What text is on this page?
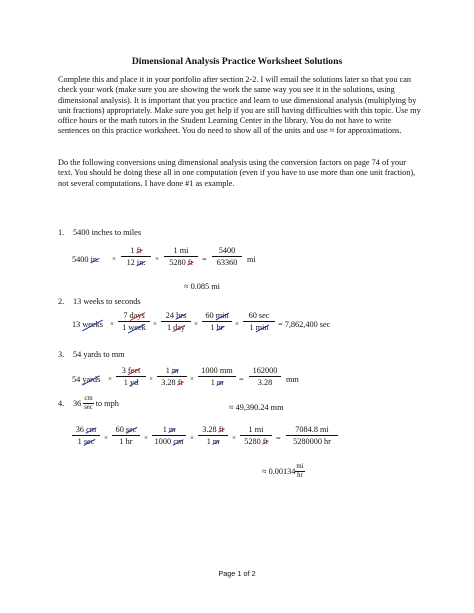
Dimensional Analysis Practice Worksheet Solutions
Complete this and place it in your portfolio after section 2-2. I will email the solutions later so that you can check your work (make sure you are showing the work the same way you see it in the solutions, using dimensional analysis). It is important that you practice and learn to use dimensional analysis (multiplying by unit fractions) appropriately. Make sure you get help if you are still having difficulties with this topic. Use my office hours or the math tutors in the Student Learning Center in the library. You do not have to write sentences on this practice worksheet. You do need to show all of the units and use ≈ for approximations.
Do the following conversions using dimensional analysis using the conversion factors on page 74 of your text. You should be doing these all in one computation (even if you have to use more than one unit fraction), not several computations. I have done #1 as example.
1. 5400 inches to miles
5400 in. ×
1 ft
12 in.	×
1 mi
5280 ft	=
5400
63360	mi
≈ 0.085 mi
2. 13 weeks to seconds
13 weeks ×
7 days
1 week	×
24 hrs
1 day	×
60 min
1 hr	×
60 sec
1 min	= 7,862,400 sec
3. 54 yards to mm
54 yards ×
3 feet
1 yd	×
1 m
3.28 ft	×
1000 mm
1 m	=
162000
3.28	mm
≈ 49,390.24 mm
4. 36
cm
sec to mph
36 cm
1 sec	×
60 sec
1 hr	×
1 m
1000 cm ×
3.28 ft
1 m	×
1 mi
5280 ft =
7084.8 mi
5280000 hr
≈ $0.00134 \frac{mi}{hr}$
Page 1 of 2
